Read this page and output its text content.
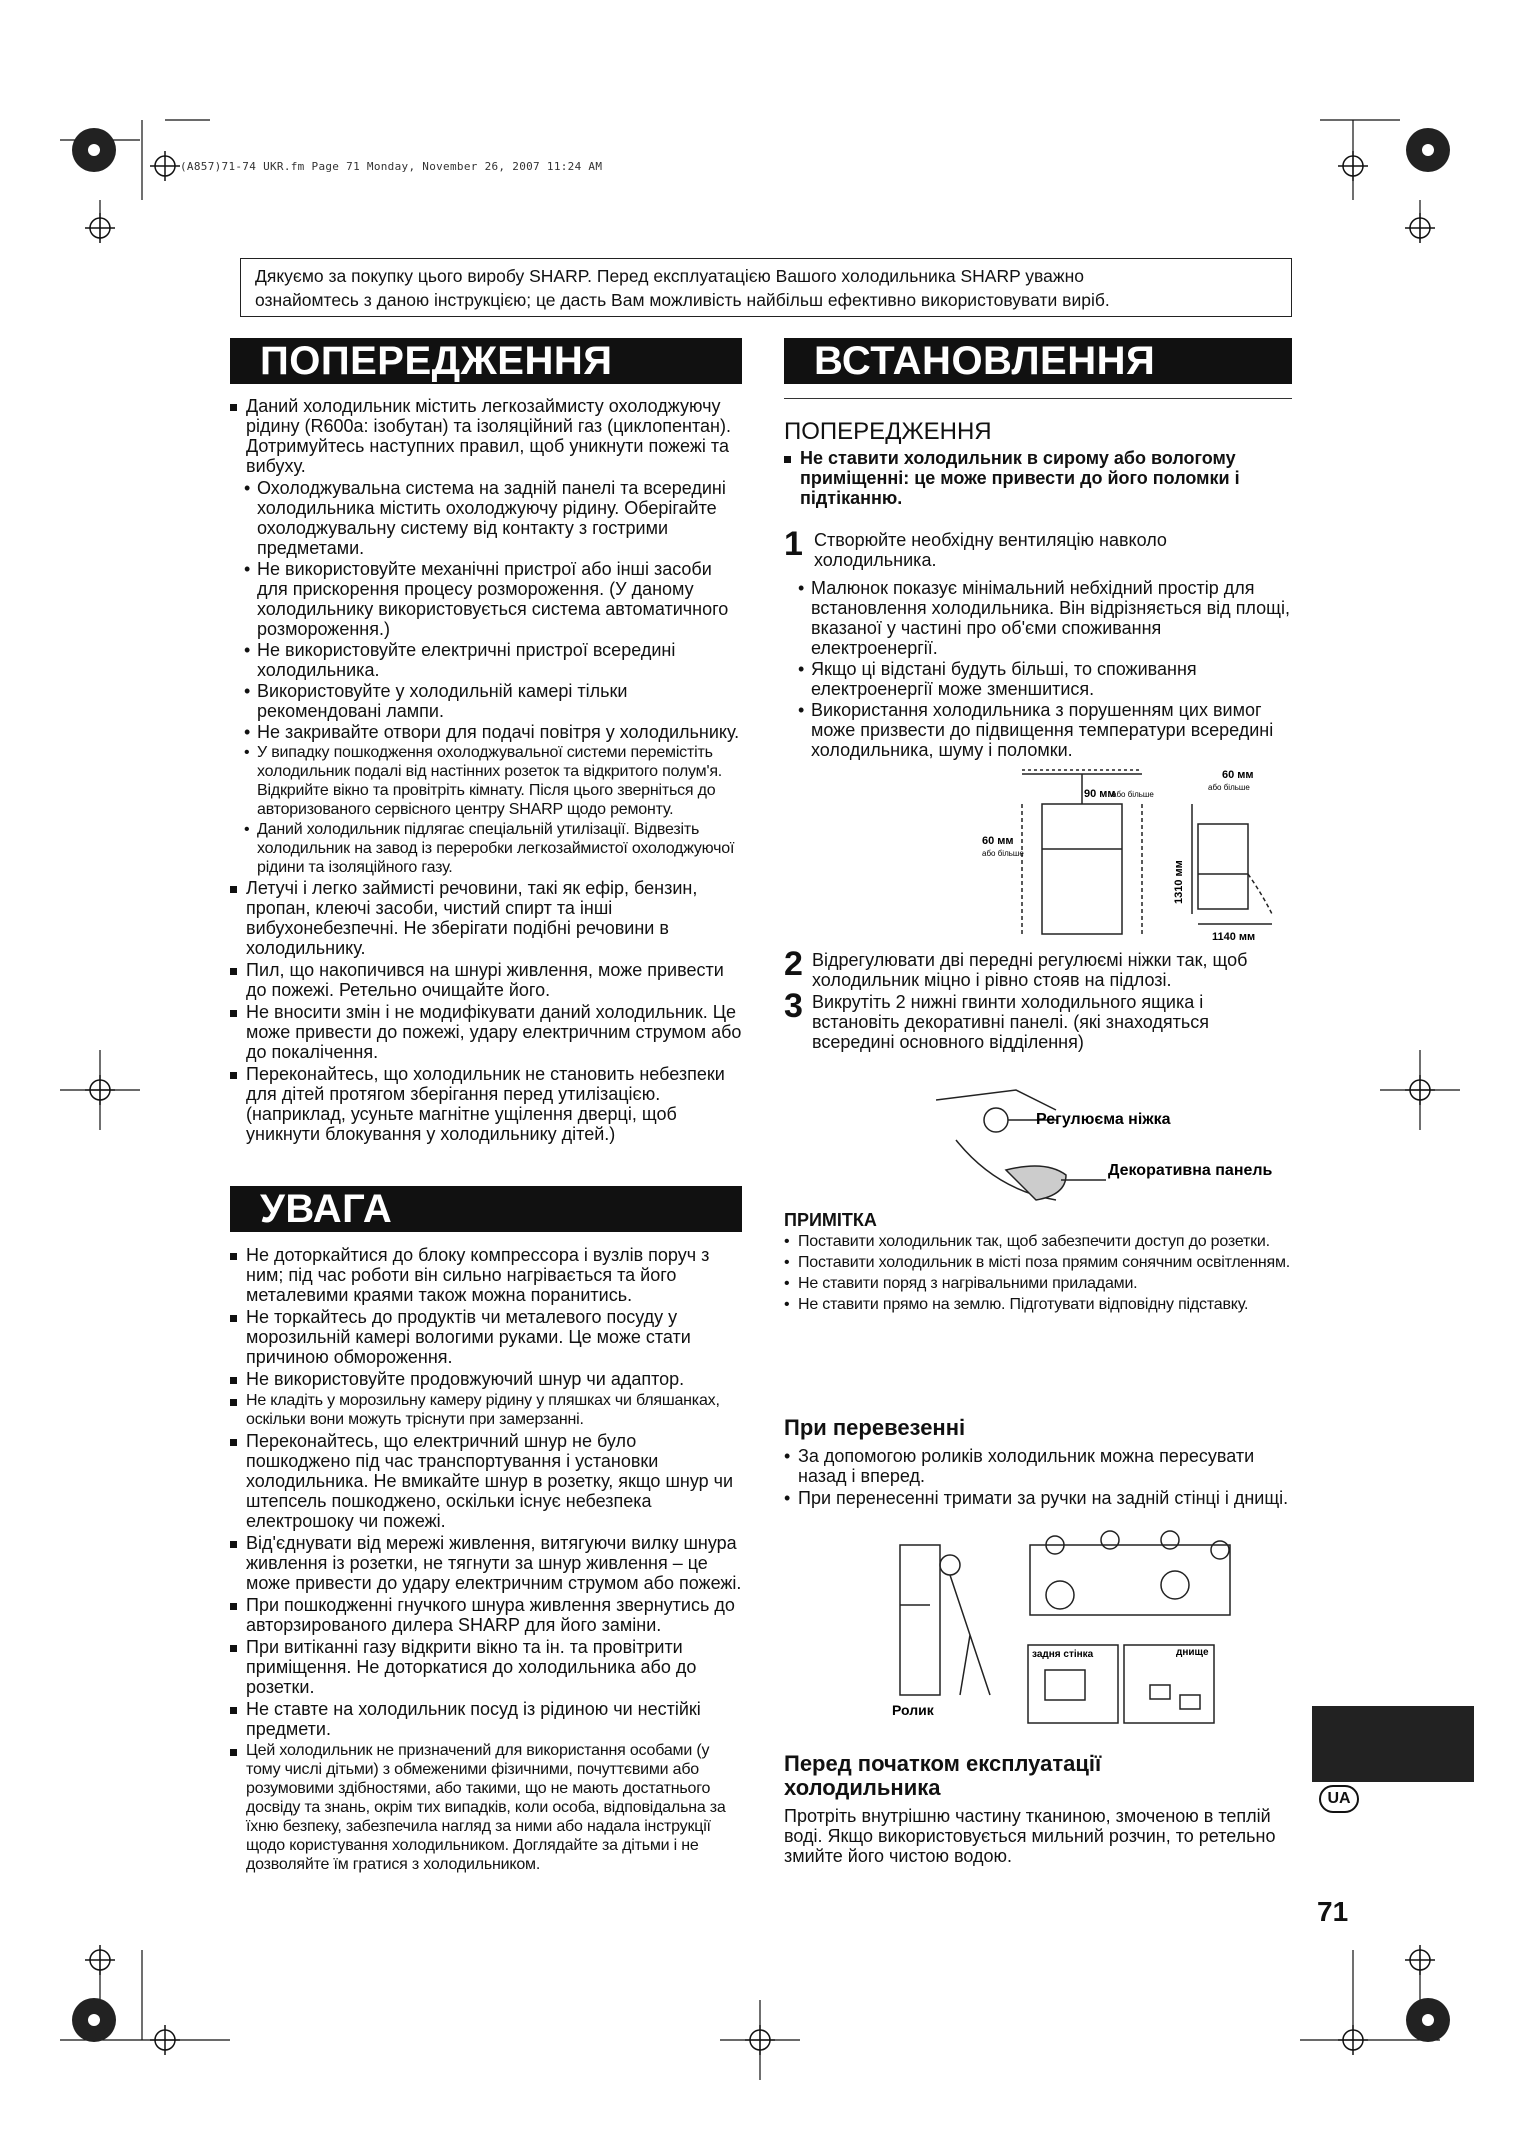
(A857)71-74 UKR.fm Page 71 Monday, November 26, 2007 11:24 AM
Дякуємо за покупку цього виробу SHARP. Перед експлуатацією Вашого холодильника SHARP уважно
ознайомтесь з даною інструкцією; це дасть Вам можливість найбільш ефективно використовувати виріб.
ПОПЕРЕДЖЕННЯ
Даний холодильник містить легкозаймисту охолоджуючу рідину (R600a: ізобутан) та ізоляційний газ (циклопентан). Дотримуйтесь наступних правил, щоб уникнути пожежі та вибуху.
• Охолоджувальна система на задній панелі та всередині холодильника містить охолоджуючу рідину. Оберігайте охолоджувальну систему від контакту з гострими предметами.
• Не використовуйте механічні пристрої або інші засоби для прискорення процесу розмороження. (У даному холодильнику використовується система автоматичного розмороження.)
• Не використовуйте електричні пристрої всередині холодильника.
• Використовуйте у холодильній камері тільки рекомендовані лампи.
• Не закривайте отвори для подачі повітря у холодильнику.
• У випадку пошкодження охолоджувальної системи перемістіть холодильник подалі від настінних розеток та відкритого полум'я. Відкрийте вікно та провітріть кімнату. Після цього зверніться до авторизованого сервісного центру SHARP щодо ремонту.
• Даний холодильник підлягає спеціальній утилізації. Відвезіть холодильник на завод із переробки легкозаймистої охолоджуючої рідини та ізоляційного газу.
Летучі і легко займисті речовини, такі як ефір, бензин, пропан, клеючі засоби, чистий спирт та інші вибухонебезпечні. Не зберігати подібні речовини в холодильнику.
Пил, що накопичився на шнурі живлення, може привести до пожежі. Ретельно очищайте його.
Не вносити змін і не модифікувати даний холодильник. Це може привести до пожежі, удару електричним струмом або до покалічення.
Переконайтесь, що холодильник не становить небезпеки для дітей протягом зберігання перед утилізацією. (наприклад, усуньте магнітне ущілення дверці, щоб уникнути блокування у холодильнику дітей.)
УВАГА
Не доторкайтися до блоку компрессора і вузлів поруч з ним; під час роботи він сильно нагрівається та його металевими краями також можна поранитись.
Не торкайтесь до продуктів чи металевого посуду у морозильній камері вологими руками. Це може стати причиною обмороження.
Не використовуйте продовжуючий шнур чи адаптор.
Не кладіть у морозильну камеру рідину у пляшках чи бляшанках, оскільки вони можуть тріснути при замерзанні.
Переконайтесь, що електричний шнур не було пошкоджено під час транспортування і установки холодильника. Не вмикайте шнур в розетку, якщо шнур чи штепсель пошкоджено, оскільки існує небезпека електрошоку чи пожежі.
Від'єднувати від мережі живлення, витягуючи вилку шнура живлення із розетки, не тягнути за шнур живлення – це може привести до удару електричним струмом або пожежі.
При пошкодженні гнучкого шнура живлення звернутись до авторзированого дилера SHARP для його заміни.
При витіканні газу відкрити вікно та ін. та провітрити приміщення. Не доторкатися до холодильника або до розетки.
Не ставте на холодильник посуд із рідиною чи нестійкі предмети.
Цей холодильник не призначений для використання особами (у тому числі дітьми) з обмеженими фізичними, почуттєвими або розумовими здібностями, або такими, що не мають достатнього досвіду та знань, окрім тих випадків, коли особа, відповідальна за їхню безпеку, забезпечила нагляд за ними або надала інструкції щодо користування холодильником. Доглядайте за дітьми і не дозволяйте їм гратися з холодильником.
ВСТАНОВЛЕННЯ
ПОПЕРЕДЖЕННЯ
Не ставити холодильник в сирому або вологому приміщенні: це може привести до його поломки і підтіканню.
1 Створюйте необхідну вентиляцію навколо холодильника.
• Малюнок показує мінімальний небхідний простір для встановлення холодильника. Він відрізняється від площі, вказаної у частині про об'єми споживання електроенергії.
• Якщо ці відстані будуть більші, то споживання електроенергії може зменшитися.
• Використання холодильника з порушенням цих вимог може призвести до підвищення температури всередині холодильника, шуму і поломки.
90 мм
або більше
60 мм
або більше
60 мм
або більше
1310 мм
1140 мм
2 Відрегулювати дві передні регулюємі ніжки так, щоб холодильник міцно і рівно стояв на підлозі.
3 Викрутіть 2 нижні гвинти холодильного ящика і встановіть декоративні панелі. (які знаходяться всередині основного відділення)
Регулюєма ніжка
Декоративна панель
ПРИМІТКА
• Поставити холодильник так, щоб забезпечити доступ до розетки.
• Поставити холодильник в місті поза прямим сонячним освітленням.
• Не ставити поряд з нагрівальними приладами.
• Не ставити прямо на землю. Підготувати відповідну підставку.
При перевезенні
• За допомогою роликів холодильник можна пересувати назад і вперед.
• При перенесенні тримати за ручки на задній стінці і днищі.
Ролик
задня стінка	днище
Перед початком експлуатації
холодильника
Протріть внутрішню частину тканиною, змоченою в теплій воді. Якщо використовується мильний розчин, то ретельно змийте його чистою водою.
UA
71
